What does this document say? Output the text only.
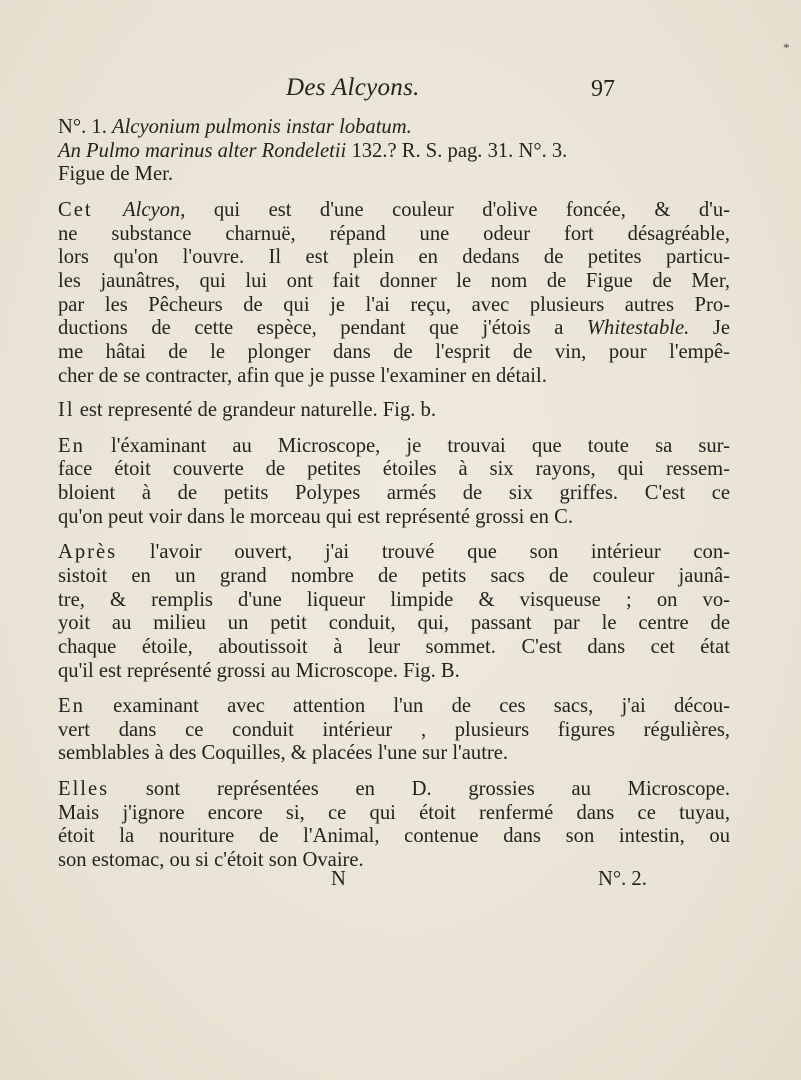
*
Des Alcyons.	97
N°. 1. Alcyonium pulmonis instar lobatum.
An Pulmo marinus alter Rondeletii 132.? R. S. pag. 31. N°. 3.
Figue de Mer.
Cet Alcyon, qui est d'une couleur d'olive foncée, & d'u-
ne substance charnuë, répand une odeur fort désagréable,
lors qu'on l'ouvre. Il est plein en dedans de petites particu-
les jaunâtres, qui lui ont fait donner le nom de Figue de Mer,
par les Pêcheurs de qui je l'ai reçu, avec plusieurs autres Pro-
ductions de cette espèce, pendant que j'étois a Whitestable. Je
me hâtai de le plonger dans de l'esprit de vin, pour l'empê-
cher de se contracter, afin que je pusse l'examiner en détail.
Il est representé de grandeur naturelle. Fig. b.
En l'éxaminant au Microscope, je trouvai que toute sa sur-
face étoit couverte de petites étoiles à six rayons, qui ressem-
bloient à de petits Polypes armés de six griffes. C'est ce
qu'on peut voir dans le morceau qui est représenté grossi en C.
Après l'avoir ouvert, j'ai trouvé que son intérieur con-
sistoit en un grand nombre de petits sacs de couleur jaunâ-
tre, & remplis d'une liqueur limpide & visqueuse ; on vo-
yoit au milieu un petit conduit, qui, passant par le centre de
chaque étoile, aboutissoit à leur sommet. C'est dans cet état
qu'il est représenté grossi au Microscope. Fig. B.
En examinant avec attention l'un de ces sacs, j'ai décou-
vert dans ce conduit intérieur , plusieurs figures régulières,
semblables à des Coquilles, & placées l'une sur l'autre.
Elles sont représentées en D. grossies au Microscope.
Mais j'ignore encore si, ce qui étoit renfermé dans ce tuyau,
étoit la nouriture de l'Animal, contenue dans son intestin, ou
son estomac, ou si c'étoit son Ovaire.
N	N°. 2.
